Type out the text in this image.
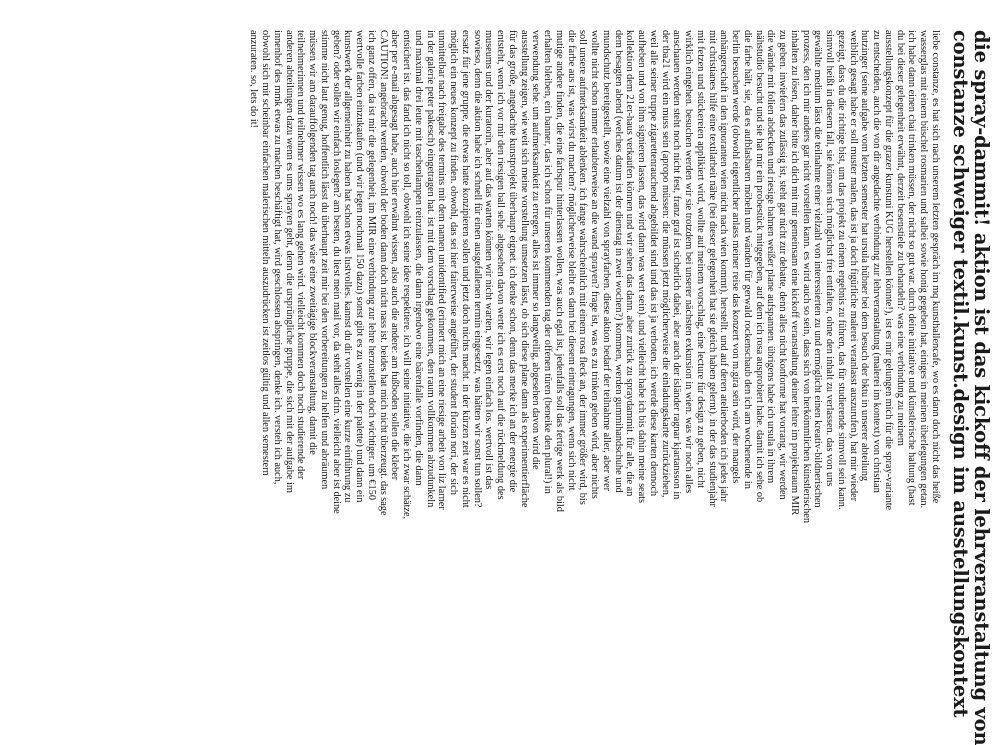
die spray-dammit! aktion ist das kickoff der lehrveranstaltung von
constanze schweiger textil.kunst.design im ausstellungskontext
liebe constanze, es hat sich nach unserem letzten gespräch im mq kunsthallencafe, wo es dann doch nicht das heiße
wasserglas mit einem büschel rosmarien und salbei sowie honig gegeben hat, einiges in meinen überlegungen getan.
ich habe dann einen chai trinken müssen, der nicht so gut war. durch deine initiative und künstlerische haltung (hast
du bei dieser gelegenheit erwähnt, derzeit besenstiele zu behandeln? was eine verbindung zu meinem
ausstellungskonzept für die grazer kunstuni KUG herstellen könnte!), ist es mir gelungen mich für die spray-variante
zu entscheiden, auch die von dir angedachte verbindung zur lehrveranstaltung (malerei im kontext) von christian
hutzinger (seine aufgabe vom letzten semester hat ursula hübner bei dem besuch der bktu in unserer abteilung
weiblich gesagt habe er soll muster malen, das ist ja doch figürliche malerei veranlasst auszurufen), hat mir wieder
gezeigt, dass du die richtige bist, um das projekt zu einem ergebnis zu führen, das für studierende sinnvoll sein kann.
sinnvoll heißt in diesem fall, sie können sich möglichst frei entfalten, ohne den inhalt zu verlassen. das von uns
gewählte medium lässt die teilnahme einer vielzahl von interessierten zu und ermöglicht einen kreativ-bildnerischen
prozess, den ich mir anders gar nicht vorstellen kann. es wird auch so sein, dass sich von herkömmlichen künstlerischen
inhalten zu lösen, daher bitte ich dich mit mir gemeinsam eine kickoff veranstaltung deiner lehre im projektraum MIR
zu geben. inwiefern das zulässig ist, steht gar nicht zur debatte, denn alles nicht konforme hat vorrang, wir werden
die wände mit folien abdecken und riesige bahnen weißer plane aufspannen. übrigens habe ich ursula in ihrem
nähstudio besucht und sie hat mir ein probestück mitgegeben, auf dem ich rosa ausprobiert habe. damit ich sehe ob
die farbe hält, sie, da es aufblasbaren möbeln und wänden für gerwald rockenschaub den ich am wochenende in
berlin besuchen werde (obwohl eigentlicher anlass meiner reise das konzert von m.gira sein wird, der mangels
anhängerschaft in den ignoranten wien nicht nach wien kommt), herstellt. und auf deren atelierboden ich jedes jahr
mit christianes hilfe eine textilarbeit nähe (bei dieser gelegenheit hat sie gleich haben gelernt). in der das studienjahr
mit fetzen und stückereien applikiert wird, wollte auf meinem vorschlag, eine lecture für design zu geben, nicht
wirklich eingehen. besuchen werden wir sie trotzdem bei unserer nächsten exkursion in wien. was wir noch alles
anschauen werden steht noch nicht fest, franz graf ist sicherlich dabei, aber auch der isländer ragnar kjartansson in
der tba21 wird ein muss sein (apropo müssen: die müssen jetzt möglicherweise die einladungskarte zurückziehen,
weil alle seiner truppe zigarettenrauchend abgebildet sind und das ist ja verboten. ich werde diese karten dennoch
aufheben und von ihm signieren lassen, das wird dann was wert sein). und vielleicht habe ich bis dahin meine seats
kollektion dem 21er-haus verkaufen können und wir sehen das dann. aber zurück zu spraydammit. für alle, die an
dem besagten abend (welches datum ist der dienstag in zwei wochen?) kommen, werden gummihandschuhe und
mundschutz bereitgestellt, sowie eine vielzahl von sprayfarben. diese aktion bedarf der teilnahme aller, aber wer
wollte nicht schon immer erlaubterweise an die wand sprayen? frage ist, was es zu trinken geben wird, aber nichts
soll unsere aufmerksamkeit ablenken. ich fange wahrscheinlich mit einem rosa fleck an, der immer größer wird, bis
die farbe aus ist, was wirst du machen? möglicherweise bleibt es dann bei diesem eintragungen, wenn sich nicht
mutige andere finden, die eine farbspur hinterlassen wollen, was auch egal ist, jedenfalls soll das fertige werk als bild
erhalten bleiben, ein banner, das ich schon für unseren kommenden tag der offenen türen (beneike den plural!) in
verwendung sehe. um aufmerksamkeit zu erregen, alles ist immer so langweilig, abgesehen davon wird die
ausstellung zeigen, wie weit sich meine vorstellung umsetzen lässt, ob sich diese plane dann als experimentierfläche
für das große, angedachte kunstprojekt überhaupt eignet. ich denke schon, denn das merke ich an der energie die
entsteht, wenn ich vor mir den riesigen ball sehe. abgesehen davon werte ich es erst noch auf die rückmeldung des
museums und der kuratorin, aber auf das warten können wir nicht warten, wir legen einfach los. wertvoll ist das
sowieso, denn die aktion habe ich schnell für einen ausgefallenen termin eingesetzt, was hätten wir sonst tun sollen?
ersatz für jene gruppe, die etwas hatte konzipieren sollen und jetzt doch nichts macht. in der kürzen zeit war es nicht
möglich ein neues konzept zu finden. obwohl, das sei hier fairerweise angeführt, der student florian nori, der sich
unmittelbar nach freigabe des termins mit dem namen unidentified (erinnert mich an eine riesige arbeit von liz larner
in der galerie peter pakesch) eingetragen hat. ist mit dem vorschlag gekommen, den raum vollkommen abzudunkeln
und maximal drei leute mit taschenlampen reinzulassen, die dann irgendwo eine bärenfalle vorfinden, die dann
entsichert ist. das fand ich nicht so toll, obwohl ich seine idee respektiere. ich will seine initiative, die ich zwar schätze,
aber per e-mail abgesagt habe, auch hier erwähnt wissen, also auch die andere: am fußboden sollen die kleber
CAUTION! angebracht werden, obwohl der boden dann doch nicht nass ist. beides hat mich nicht überzeugt. das sage
ich ganz offen, da ist mir die gelegenheit, im MIR eine verbindung zur lehre herzustellen doch wichtiger. um €150
wertvolle farben einzukaufen (und wir legen nochmal 150 dazu) sonst gibt es zu wenig in der palette) und dann ein
kunstwerk der allgemeinheit zu haben hat schon etwas lustvolles. kannst du dir vorstellen eine kurze einführung zu
geben? oder sollen wir einfach loslegen? am besten, du liest mein mail vor, da steht alles drin. vielleicht aber ist deine
stimme nicht laut genug, hoffentlich lässt du überhaupt zeit mir bei den vorbereitungen zu helfen und abräumen
müssen wir am darauffolgenden tag auch noch! das wäre eine zweitägige blockveranstaltung, damit die
teilnehmerinnen und teilnehmer wissen wo es lang gehen wird. vielleicht kommen doch noch studierende der
anderen abteilungen dazu wenn es ums sprayen geht, denn die ursprüngliche gruppe, die sich mit der aufgabe im
innenhof des mmk etwas zu machen beschäftigt hat, wird geschlossen abspringen, denke ich. versteh ich auch,
obwohl sich mit scheinbar einfachen malerischen mitteln auszudrücken ist zeitlos gültig und allen semestern
anzuraten. so, lets do it!
